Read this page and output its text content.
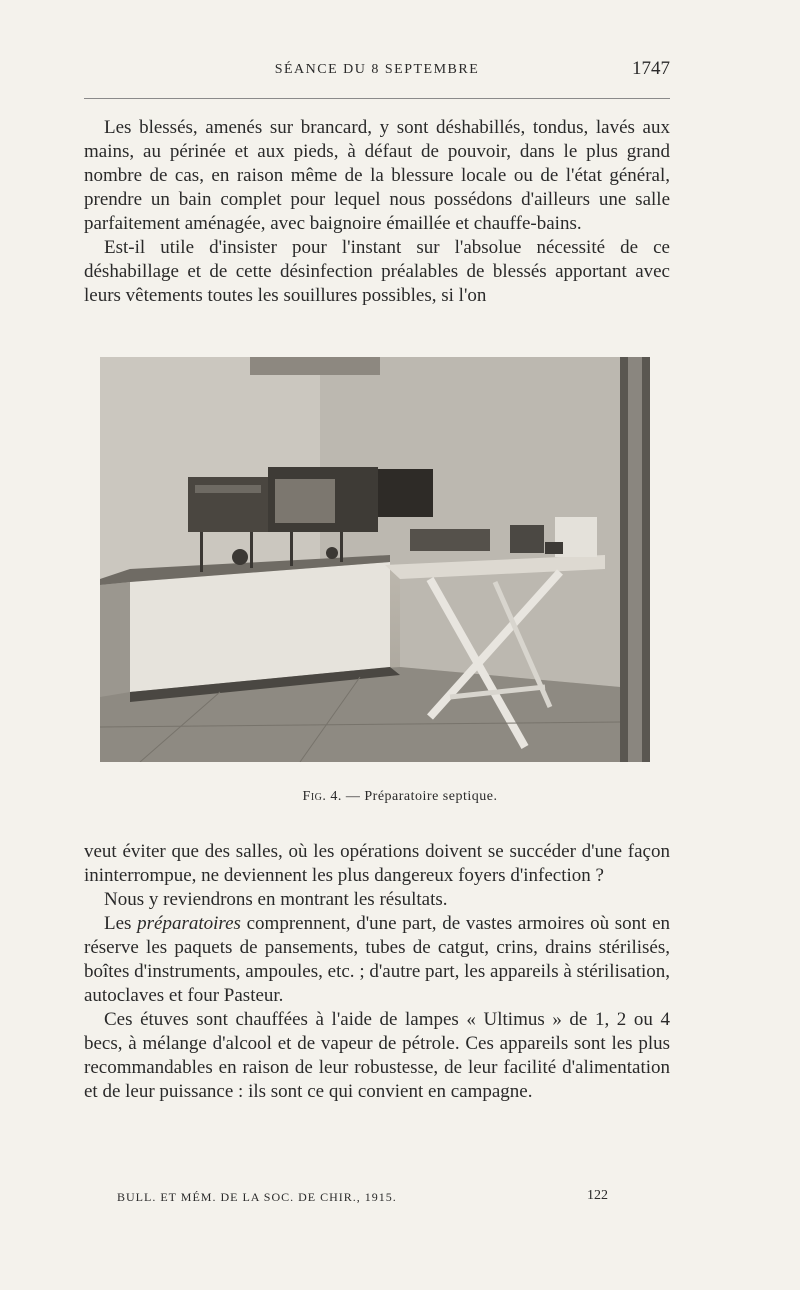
SÉANCE DU 8 SEPTEMBRE	1747

Les blessés, amenés sur brancard, y sont déshabillés, tondus, lavés aux mains, au périnée et aux pieds, à défaut de pouvoir, dans le plus grand nombre de cas, en raison même de la blessure locale ou de l'état général, prendre un bain complet pour lequel nous possédons d'ailleurs une salle parfaitement aménagée, avec baignoire émaillée et chauffe-bains.

Est-il utile d'insister pour l'instant sur l'absolue nécessité de ce déshabillage et de cette désinfection préalables de blessés apportant avec leurs vêtements toutes les souillures possibles, si l'on

Fig. 4. — Préparatoire septique.

veut éviter que des salles, où les opérations doivent se succéder d'une façon ininterrompue, ne deviennent les plus dangereux foyers d'infection ?

Nous y reviendrons en montrant les résultats.

Les préparatoires comprennent, d'une part, de vastes armoires où sont en réserve les paquets de pansements, tubes de catgut, crins, drains stérilisés, boîtes d'instruments, ampoules, etc. ; d'autre part, les appareils à stérilisation, autoclaves et four Pasteur.

Ces étuves sont chauffées à l'aide de lampes « Ultimus » de 1, 2 ou 4 becs, à mélange d'alcool et de vapeur de pétrole. Ces appareils sont les plus recommandables en raison de leur robustesse, de leur facilité d'alimentation et de leur puissance : ils sont ce qui convient en campagne.

BULL. ET MÉM. DE LA SOC. DE CHIR., 1915.	122
